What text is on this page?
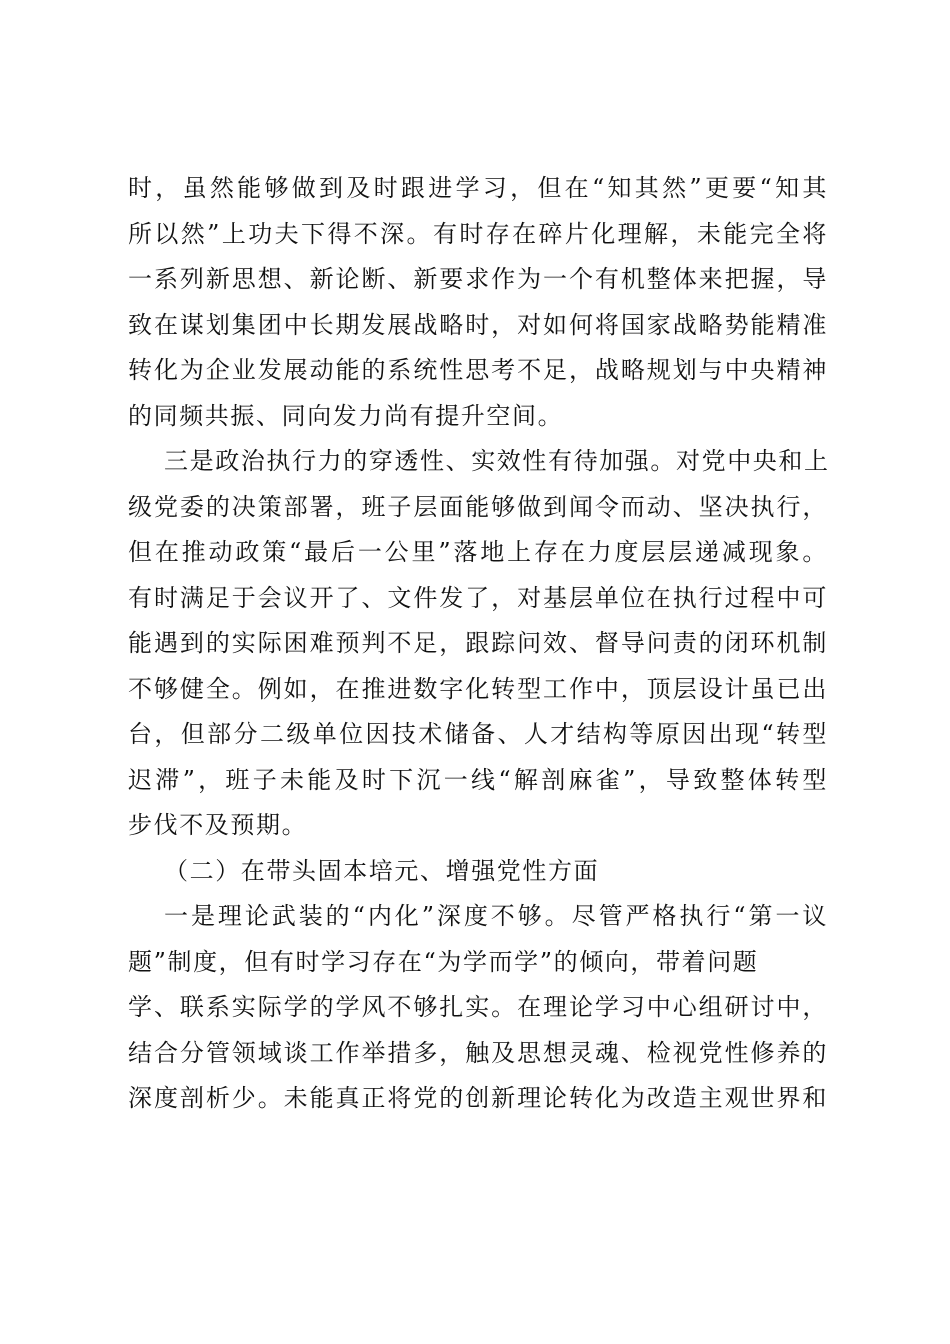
时，虽然能够做到及时跟进学习，但在“知其然”更要“知其
所以然”上功夫下得不深。有时存在碎片化理解，未能完全将
一系列新思想、新论断、新要求作为一个有机整体来把握，导
致在谋划集团中长期发展战略时，对如何将国家战略势能精准
转化为企业发展动能的系统性思考不足，战略规划与中央精神
的同频共振、同向发力尚有提升空间。
三是政治执行力的穿透性、实效性有待加强。对党中央和上
级党委的决策部署，班子层面能够做到闻令而动、坚决执行，
但在推动政策“最后一公里”落地上存在力度层层递减现象。
有时满足于会议开了、文件发了，对基层单位在执行过程中可
能遇到的实际困难预判不足，跟踪问效、督导问责的闭环机制
不够健全。例如，在推进数字化转型工作中，顶层设计虽已出
台，但部分二级单位因技术储备、人才结构等原因出现“转型
迟滞”，班子未能及时下沉一线“解剖麻雀”，导致整体转型
步伐不及预期。
（二）在带头固本培元、增强党性方面
一是理论武装的“内化”深度不够。尽管严格执行“第一议
题”制度，但有时学习存在“为学而学”的倾向，带着问题
学、联系实际学的学风不够扎实。在理论学习中心组研讨中，
结合分管领域谈工作举措多，触及思想灵魂、检视党性修养的
深度剖析少。未能真正将党的创新理论转化为改造主观世界和
